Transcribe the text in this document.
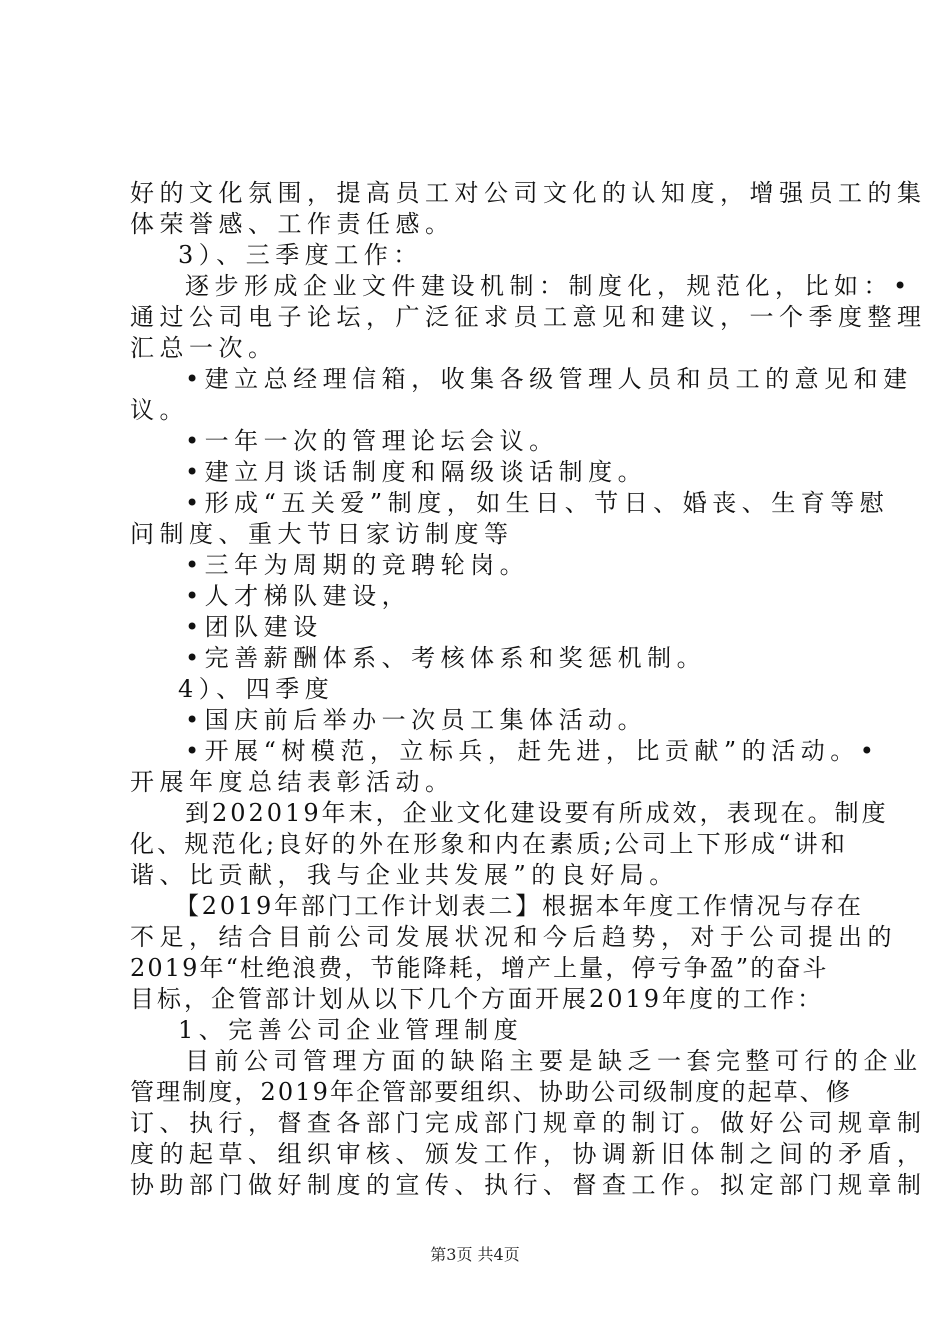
好的文化氛围，提高员工对公司文化的认知度，增强员工的集
体荣誉感、工作责任感。
3）、三季度工作：
逐步形成企业文件建设机制：制度化，规范化，比如：•
通过公司电子论坛，广泛征求员工意见和建议，一个季度整理
汇总一次。
•建立总经理信箱，收集各级管理人员和员工的意见和建
议。
•一年一次的管理论坛会议。
•建立月谈话制度和隔级谈话制度。
•形成“五关爱”制度，如生日、节日、婚丧、生育等慰
问制度、重大节日家访制度等
•三年为周期的竞聘轮岗。
•人才梯队建设，
•团队建设
•完善薪酬体系、考核体系和奖惩机制。
4）、四季度
•国庆前后举办一次员工集体活动。
•开展“树模范，立标兵，赶先进，比贡献”的活动。•
开展年度总结表彰活动。
到202019年末，企业文化建设要有所成效，表现在。制度
化、规范化;良好的外在形象和内在素质;公司上下形成“讲和
谐、比贡献，我与企业共发展”的良好局。
【2019年部门工作计划表二】根据本年度工作情况与存在
不足，结合目前公司发展状况和今后趋势，对于公司提出的
2019年“杜绝浪费，节能降耗，增产上量，停亏争盈”的奋斗
目标，企管部计划从以下几个方面开展2019年度的工作：
1、完善公司企业管理制度
目前公司管理方面的缺陷主要是缺乏一套完整可行的企业
管理制度，2019年企管部要组织、协助公司级制度的起草、修
订、执行，督查各部门完成部门规章的制订。做好公司规章制
度的起草、组织审核、颁发工作，协调新旧体制之间的矛盾，
协助部门做好制度的宣传、执行、督查工作。拟定部门规章制
第3页 共4页
